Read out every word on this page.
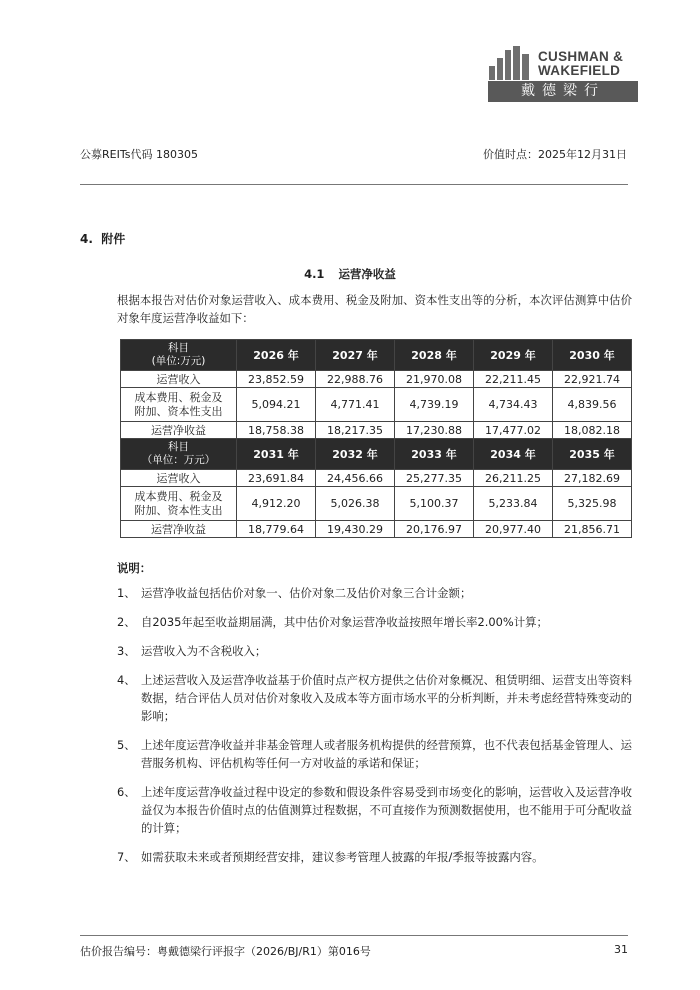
CUSHMAN &
WAKEFIELD
戴德梁行
公募REITs代码 180305	价值时点：2025年12月31日
4. 附件
4.1 运营净收益
根据本报告对估价对象运营收入、成本费用、税金及附加、资本性支出等的分析，本次评估测算中估价对象年度运营净收益如下：
科目
(单位:万元)	2026 年	2027 年	2028 年	2029 年	2030 年
运营收入	23,852.59	22,988.76	21,970.08	22,211.45	22,921.74

成本费用、税金及
附加、资本性支出	5,094.21	4,771.41	4,739.19	4,734.43	4,839.56
运营净收益	18,758.38	18,217.35	17,230.88	17,477.02	18,082.18

科目
（单位：万元）	2031 年	2032 年	2033 年	2034 年	2035 年
运营收入	23,691.84	24,456.66	25,277.35	26,211.25	27,182.69

成本费用、税金及
附加、资本性支出	4,912.20	5,026.38	5,100.37	5,233.84	5,325.98
运营净收益	18,779.64	19,430.29	20,176.97	20,977.40	21,856.71
说明：
1、 运营净收益包括估价对象一、估价对象二及估价对象三合计金额；
2、 自2035年起至收益期届满，其中估价对象运营净收益按照年增长率2.00%计算；
3、 运营收入为不含税收入；
4、 上述运营收入及运营净收益基于价值时点产权方提供之估价对象概况、租赁明细、运营支出等资料数据，结合评估人员对估价对象收入及成本等方面市场水平的分析判断，并未考虑经营特殊变动的影响；
5、 上述年度运营净收益并非基金管理人或者服务机构提供的经营预算，也不代表包括基金管理人、运营服务机构、评估机构等任何一方对收益的承诺和保证；
6、 上述年度运营净收益过程中设定的参数和假设条件容易受到市场变化的影响，运营收入及运营净收益仅为本报告价值时点的估值测算过程数据，不可直接作为预测数据使用，也不能用于可分配收益的计算；
7、 如需获取未来或者预期经营安排，建议参考管理人披露的年报/季报等披露内容。
估价报告编号：粤戴德梁行评报字（2026/BJ/R1）第016号	31
